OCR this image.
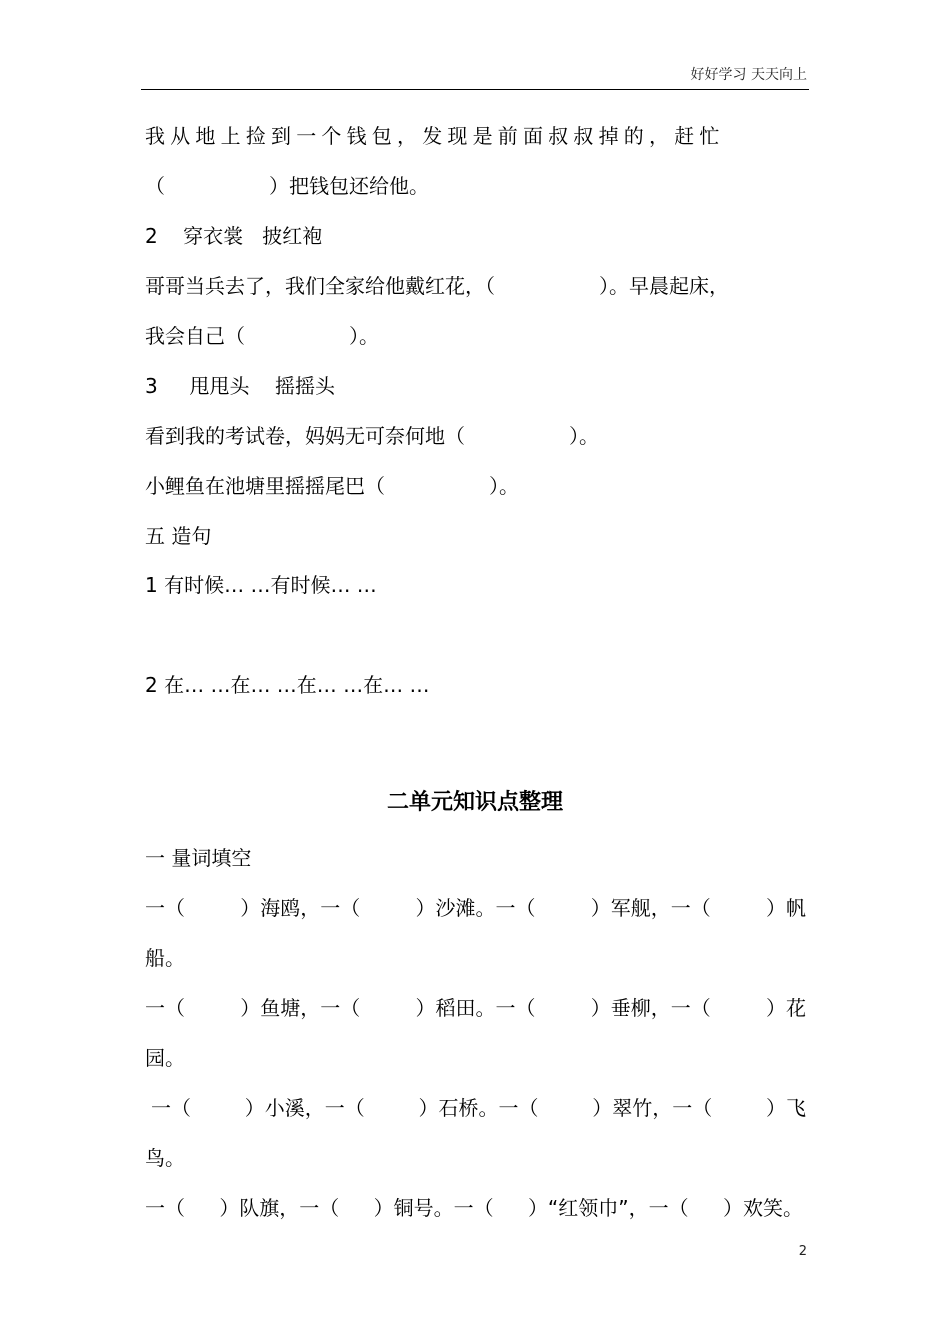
好好学习 天天向上
我从地上捡到一个钱包，发现是前面叔叔掉的，赶忙
（	）把钱包还给他。
2    穿衣裳   披红袍
哥哥当兵去了，我们全家给他戴红花，（	）。早晨起床，
我会自己（	）。
3     甩甩头    摇摇头
看到我的考试卷，妈妈无可奈何地（	）。
小鲤鱼在池塘里摇摇尾巴（	）。
五 造句
1 有时候… …有时候… …
2 在… …在… …在… …在… …
二单元知识点整理
一 量词填空
一（	）海鸥，一（	）沙滩。一（	）军舰，一（	）帆
船。
一（	）鱼塘，一（	）稻田。一（	）垂柳，一（	）花
园。
一（	）小溪，一（	）石桥。一（	）翠竹，一（	）飞
鸟。
一（ ）队旗，一（ ）铜号。一（ ）“红领巾”，一（ ）欢笑。
2
